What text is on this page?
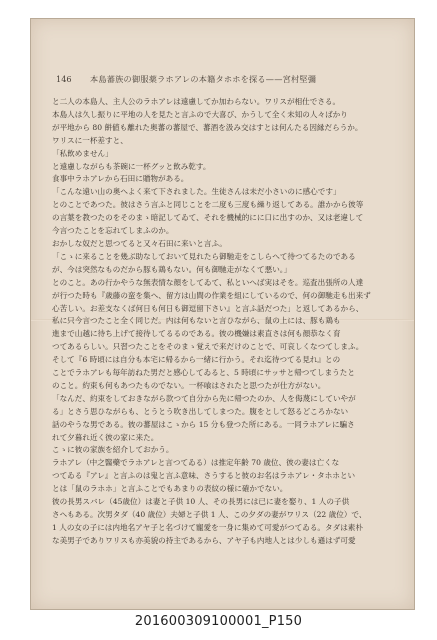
146 本島蕃族の御服薬ラホアレの本籍タホホを探る——宮村堅彌

と二人の本島人、主人公のラホアレは遠慮してか加わらない。ワリスが相仕でさる。

本島人は久し振りに平地の人を見たと言ふので大喜び、かうして全く未知の人々ばかり

が平地から 80 餅値も離れた奥蕃の蕃屋で、蕃酒を汲み交はすとは何んたる因縁だらうか。

ワリスに一杯差すと、

「私飲めません」

と遠慮しながらも茶碗に一杯グッと飲み乾す。

食事中ラホアレから石田に贈物がある。

「こんな遠い山の奥へよく来て下されました。生徒さんは未だ小さいのに感心です」

とのことであつた。彼はさう言ふと同じことを二度も三度も繰り返してある。誰かから彼等

の言葉を教つたのをそのまゝ暗記してゐて、それを機械的にに口に出すのか、又は老違して

今言つたことを忘れてしまふのか。

おかしな奴だと思つてると又々石田に来いと言ふ。

「こゝに来ることを幾ぶ助なしておいて見れたら御馳走をこしらへて待つてるたのである

が、今は突然なものだから豚も鶏もない。何も御馳走がなくて悪い。」

とのこと。あの行かやうな無表情な顔をしてゐて、私といへば実はそを。巡査出張所の人達

が行つた時も『歳藤の蛮を集へ、留方は山間の作業を組にしているので、何の御馳走も出来ず

心苦しい。お差支なくば何日も何日も御逗留下さい』と言ふ話だつた」と返してあるから、

私に只今言つたこと全く同じだ。内は何もないと言ひながら、鼠の上には、豚も鶏も

進まで山越に待ち上げて接待してるるのである。彼の機嫌は素直さは何も顔恭なく育

つてあるらしい。只習つたことをそのまゝ覚えで来だけのことで、可哀しくなつてしまふ。

そして『6 時頃には自分も本宅に帰るから一緒に行かう。それ迄待つてる見れ』との

ことでラホアレも毎年訪ねた男だと感心してゐると、5 時頃にサッサと帰つてしまうたと

のこと。約束も何もあつたものでない。一杯喰はされたと思つたが仕方がない。

「なんだ、約束をしておきながら款つて自分から先に帰つたのか、人を侮蔑にしていやが

る」とさう思ひながらも、とうとう吹き出してしまつた。腹をとして怒るどころかない

話のやうな男である。彼の蕃屋はこゝから 15 分も登つた所にある。一同ラホアレに騙さ

れて夕暮れ近く彼の家に来た。

こゝに彼の家族を紹介しておかう。

ラホアレ（中之醫藥でラホアレと言つてゐる）は推定年齢 70 歳位、彼の妻は亡くな

つてゐる『アレ』と言ふのは鬼と言ふ意味、さうすると彼のお名はラホアレ・タホホとい

とは「鼠のラホホ」と言ふことでもあまりの表紋の様に確かでない。

彼の長男スバレ（45歳位）は妻と子供 10 人、その長男には已に妻を娶り、1 人の子供

さへもある。次男タダ（40 歳位）夫婦と子供 1 人、この夕ダの妻がワリス（22 歳位）で、

1 人の女の子には内地名アヤ子と名づけて寵愛を一身に集めて可愛がつてゐる。タダは素朴

な美男子でありワリスも亦美貌の持主であるから、アヤ子も内地人とは少しも遜はず可愛

201600309100001_P150
